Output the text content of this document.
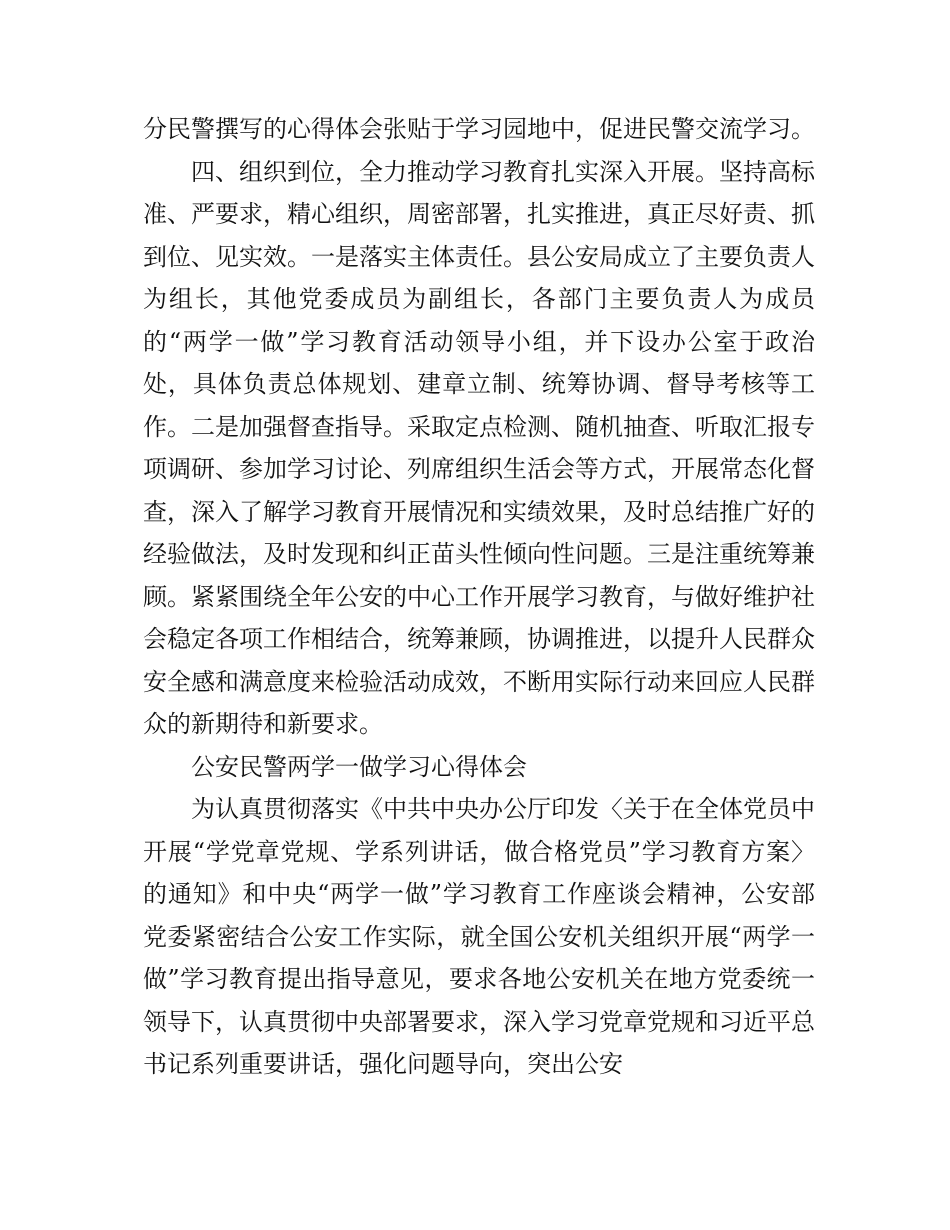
分民警撰写的心得体会张贴于学习园地中，促进民警交流学习。

四、组织到位，全力推动学习教育扎实深入开展。坚持高标准、严要求，精心组织，周密部署，扎实推进，真正尽好责、抓到位、见实效。一是落实主体责任。县公安局成立了主要负责人为组长，其他党委成员为副组长，各部门主要负责人为成员的“两学一做”学习教育活动领导小组，并下设办公室于政治处，具体负责总体规划、建章立制、统筹协调、督导考核等工作。二是加强督查指导。采取定点检测、随机抽查、听取汇报专项调研、参加学习讨论、列席组织生活会等方式，开展常态化督查，深入了解学习教育开展情况和实绩效果，及时总结推广好的经验做法，及时发现和纠正苗头性倾向性问题。三是注重统筹兼顾。紧紧围绕全年公安的中心工作开展学习教育，与做好维护社会稳定各项工作相结合，统筹兼顾，协调推进，以提升人民群众安全感和满意度来检验活动成效，不断用实际行动来回应人民群众的新期待和新要求。

公安民警两学一做学习心得体会

为认真贯彻落实《中共中央办公厅印发〈关于在全体党员中开展“学党章党规、学系列讲话，做合格党员”学习教育方案〉的通知》和中央“两学一做”学习教育工作座谈会精神，公安部党委紧密结合公安工作实际，就全国公安机关组织开展“两学一做”学习教育提出指导意见，要求各地公安机关在地方党委统一领导下，认真贯彻中央部署要求，深入学习党章党规和习近平总书记系列重要讲话，强化问题导向，突出公安
